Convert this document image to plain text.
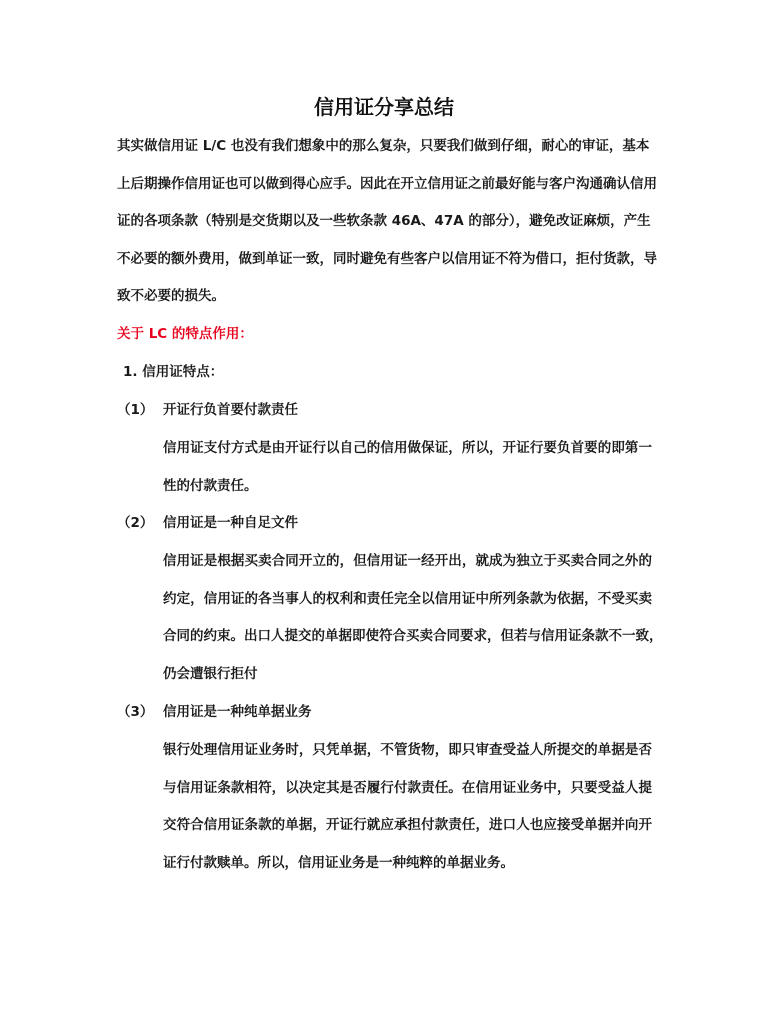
信用证分享总结
其实做信用证 L/C 也没有我们想象中的那么复杂，只要我们做到仔细，耐心的审证，基本
上后期操作信用证也可以做到得心应手。因此在开立信用证之前最好能与客户沟通确认信用
证的各项条款（特别是交货期以及一些软条款 46A、47A 的部分），避免改证麻烦，产生
不必要的额外费用，做到单证一致，同时避免有些客户以信用证不符为借口，拒付货款，导
致不必要的损失。
关于 LC 的特点作用：
1. 信用证特点：
（1） 开证行负首要付款责任
信用证支付方式是由开证行以自己的信用做保证，所以，开证行要负首要的即第一
性的付款责任。
（2） 信用证是一种自足文件
信用证是根据买卖合同开立的，但信用证一经开出，就成为独立于买卖合同之外的
约定，信用证的各当事人的权利和责任完全以信用证中所列条款为依据，不受买卖
合同的约束。出口人提交的单据即使符合买卖合同要求，但若与信用证条款不一致，
仍会遭银行拒付
（3） 信用证是一种纯单据业务
银行处理信用证业务时，只凭单据，不管货物，即只审查受益人所提交的单据是否
与信用证条款相符，以决定其是否履行付款责任。在信用证业务中，只要受益人提
交符合信用证条款的单据，开证行就应承担付款责任，进口人也应接受单据并向开
证行付款赎单。所以，信用证业务是一种纯粹的单据业务。
